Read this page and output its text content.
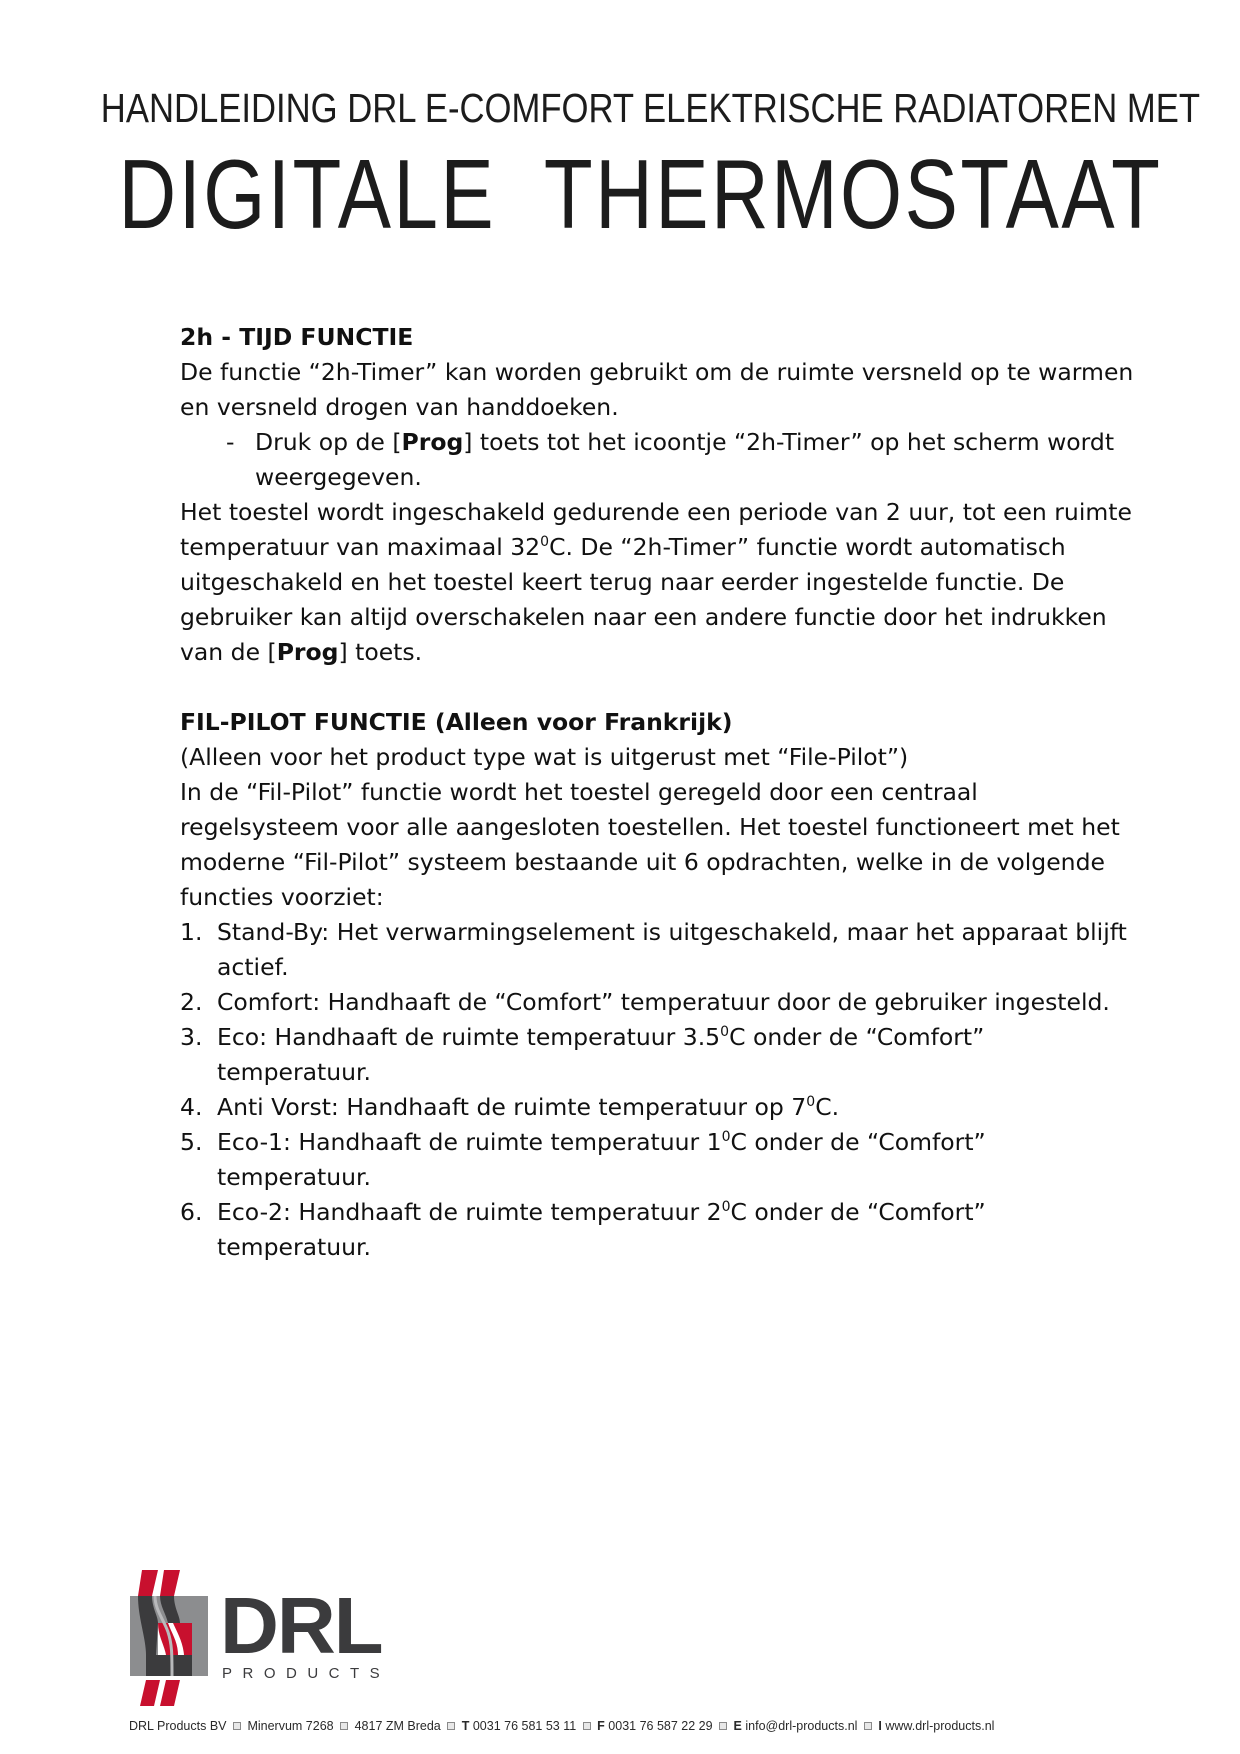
HANDLEIDING DRL E-COMFORT ELEKTRISCHE RADIATOREN MET
DIGITALE  THERMOSTAAT
2h - TIJD FUNCTIE

De functie “2h-Timer” kan worden gebruikt om de ruimte versneld op te warmen en versneld drogen van handdoeken.

- Druk op de [Prog] toets tot het icoontje “2h-Timer” op het scherm wordt weergegeven.

Het toestel wordt ingeschakeld gedurende een periode van 2 uur, tot een ruimte temperatuur van maximaal $32^0C$. De “2h-Timer” functie wordt automatisch uitgeschakeld en het toestel keert terug naar eerder ingestelde functie. De gebruiker kan altijd overschakelen naar een andere functie door het indrukken van de [Prog] toets.

FIL-PILOT FUNCTIE (Alleen voor Frankrijk)

(Alleen voor het product type wat is uitgerust met “File-Pilot”)

In de “Fil-Pilot” functie wordt het toestel geregeld door een centraal regelsysteem voor alle aangesloten toestellen. Het toestel functioneert met het moderne “Fil-Pilot” systeem bestaande uit 6 opdrachten, welke in de volgende functies voorziet:

1. Stand-By: Het verwarmingselement is uitgeschakeld, maar het apparaat blijft actief.
2. Comfort: Handhaaft de “Comfort” temperatuur door de gebruiker ingesteld.
3. Eco: Handhaaft de ruimte temperatuur $3.5^0C$ onder de “Comfort” temperatuur.
4. Anti Vorst: Handhaaft de ruimte temperatuur op $7^0C$.
5. Eco-1: Handhaaft de ruimte temperatuur $1^0C$ onder de “Comfort” temperatuur.
6. Eco-2: Handhaaft de ruimte temperatuur $2^0C$ onder de “Comfort” temperatuur.
DRL
PRODUCTS
DRL Products BV Minervum 7268 4817 ZM Breda T 0031 76 581 53 11 F 0031 76 587 22 29 E info@drl-products.nl I www.drl-products.nl
